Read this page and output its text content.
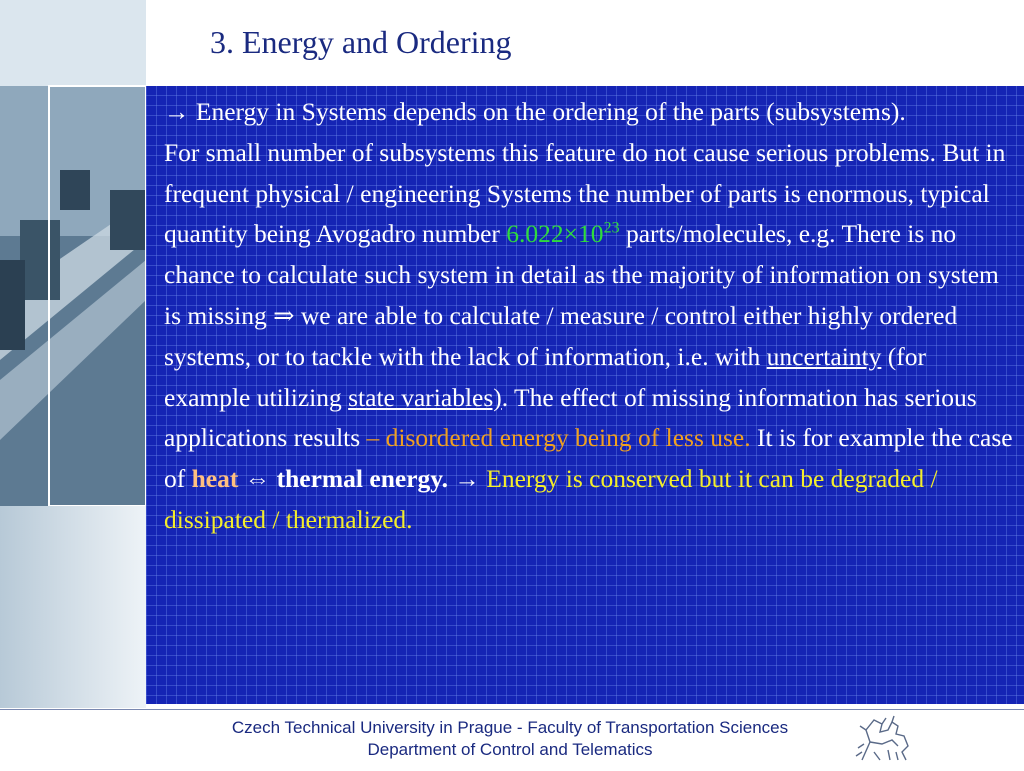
3. Energy and Ordering

→ Energy in Systems depends on the ordering of the parts (subsystems).

For small number of subsystems this feature do not cause serious problems. But in frequent physical / engineering Systems the number of parts is enormous, typical quantity being Avogadro number $6.022\times 10^{23}$ parts/molecules, e.g. There is no chance to calculate such system in detail as the majority of information on system is missing ⇒ we are able to calculate / measure / control either highly ordered systems, or to tackle with the lack of information, i.e. with uncertainty (for example utilizing state variables). The effect of missing information has serious applications results – disordered energy being of less use. It is for example the case of heat ⇔ thermal energy. → Energy is conserved but it can be degraded / dissipated / thermalized.

Czech Technical University in Prague - Faculty of Transportation Sciences
Department of Control and Telematics
